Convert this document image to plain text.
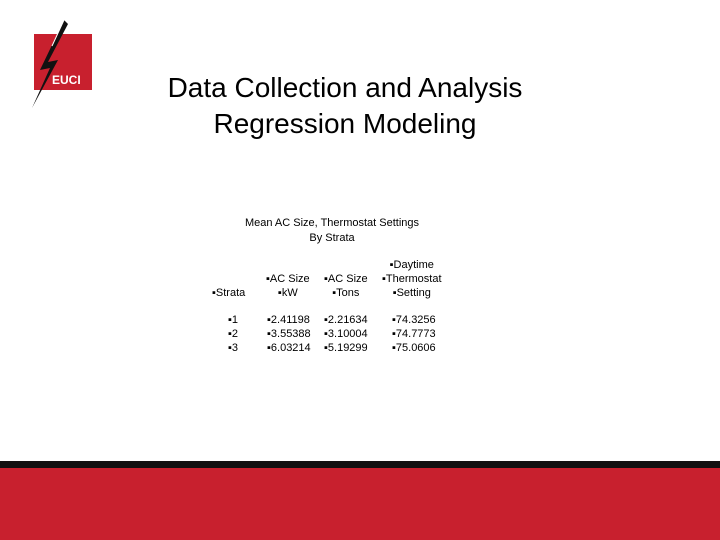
EUCI	Data Collection and Analysis
Regression Modeling
Mean AC Size, Thermostat Settings
By Strata
▪Strata
▪AC Size
▪kW
▪AC Size
▪Tons
▪Daytime
▪Thermostat
▪Setting
▪1
▪2
▪3
▪2.41198
▪3.55388
▪6.03214
▪2.21634
▪3.10004
▪5.19299
▪74.3256
▪74.7773
▪75.0606
